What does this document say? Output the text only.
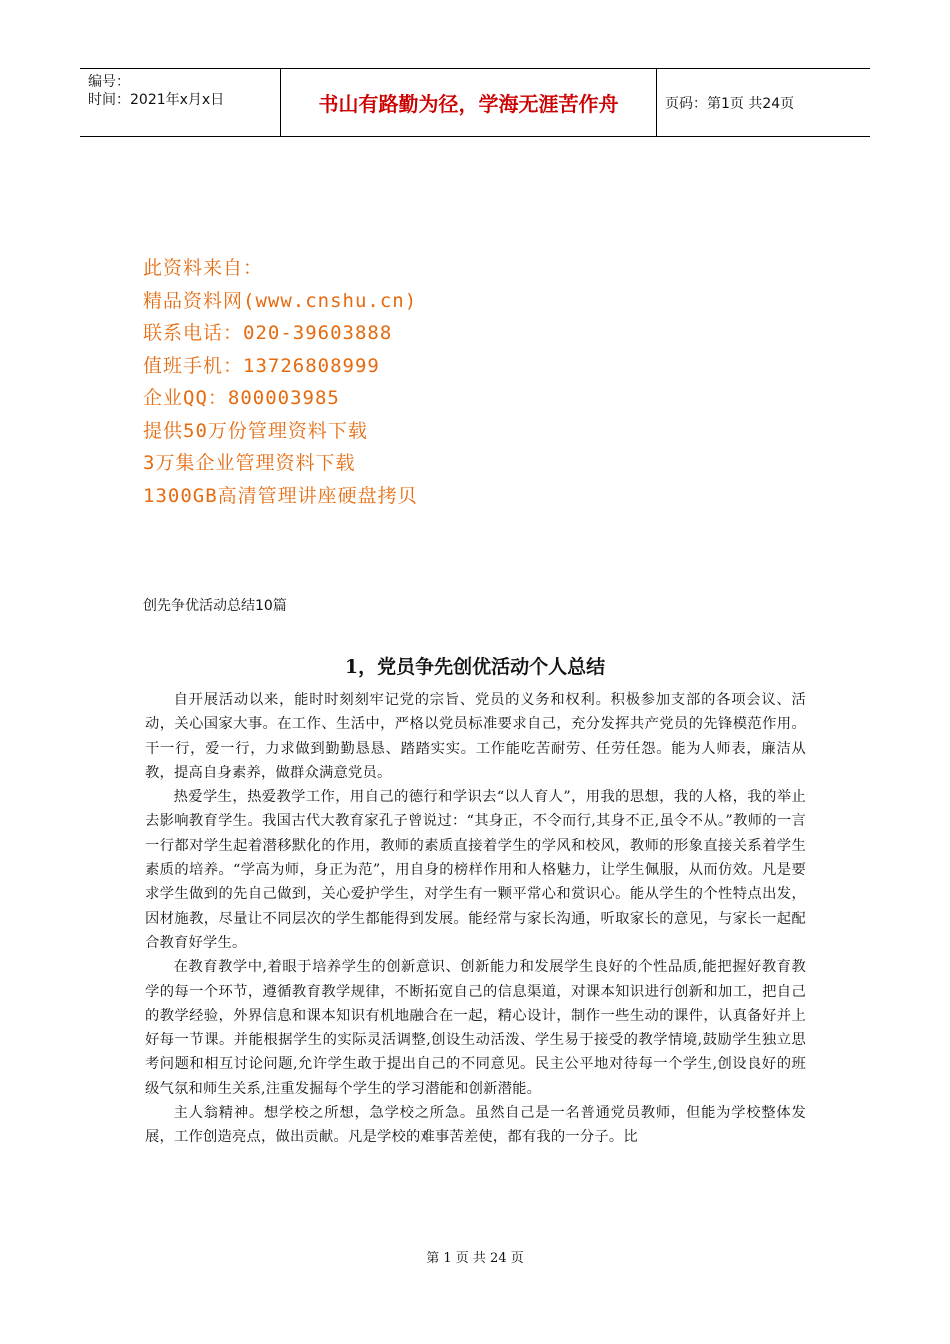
编号：
时间：2021年x月x日	书山有路勤为径，学海无涯苦作舟	页码：第1页 共24页
此资料来自：
精品资料网(www.cnshu.cn)
联系电话：020-39603888
值班手机：13726808999
企业QQ：800003985
提供50万份管理资料下载
3万集企业管理资料下载
1300GB高清管理讲座硬盘拷贝
创先争优活动总结10篇
1，党员争先创优活动个人总结

自开展活动以来，能时时刻刻牢记党的宗旨、党员的义务和权利。积极参加支部的各项会议、活动，关心国家大事。在工作、生活中，严格以党员标准要求自己，充分发挥共产党员的先锋模范作用。干一行，爱一行，力求做到勤勤恳恳、踏踏实实。工作能吃苦耐劳、任劳任怨。能为人师表，廉洁从教，提高自身素养，做群众满意党员。

热爱学生，热爱教学工作，用自己的德行和学识去“以人育人”，用我的思想，我的人格，我的举止去影响教育学生。我国古代大教育家孔子曾说过：“其身正，不令而行,其身不正,虽令不从。”教师的一言一行都对学生起着潜移默化的作用，教师的素质直接着学生的学风和校风，教师的形象直接关系着学生素质的培养。“学高为师，身正为范”，用自身的榜样作用和人格魅力，让学生佩服，从而仿效。凡是要求学生做到的先自己做到，关心爱护学生，对学生有一颗平常心和赏识心。能从学生的个性特点出发，因材施教，尽量让不同层次的学生都能得到发展。能经常与家长沟通，听取家长的意见，与家长一起配合教育好学生。

在教育教学中,着眼于培养学生的创新意识、创新能力和发展学生良好的个性品质,能把握好教育教学的每一个环节，遵循教育教学规律，不断拓宽自己的信息渠道，对课本知识进行创新和加工，把自己的教学经验，外界信息和课本知识有机地融合在一起，精心设计，制作一些生动的课件，认真备好并上好每一节课。并能根据学生的实际灵活调整,创设生动活泼、学生易于接受的教学情境,鼓励学生独立思考问题和相互讨论问题,允许学生敢于提出自己的不同意见。民主公平地对待每一个学生,创设良好的班级气氛和师生关系,注重发掘每个学生的学习潜能和创新潜能。

主人翁精神。想学校之所想，急学校之所急。虽然自己是一名普通党员教师，但能为学校整体发展，工作创造亮点，做出贡献。凡是学校的难事苦差使，都有我的一分子。比

第 1 页 共 24 页
